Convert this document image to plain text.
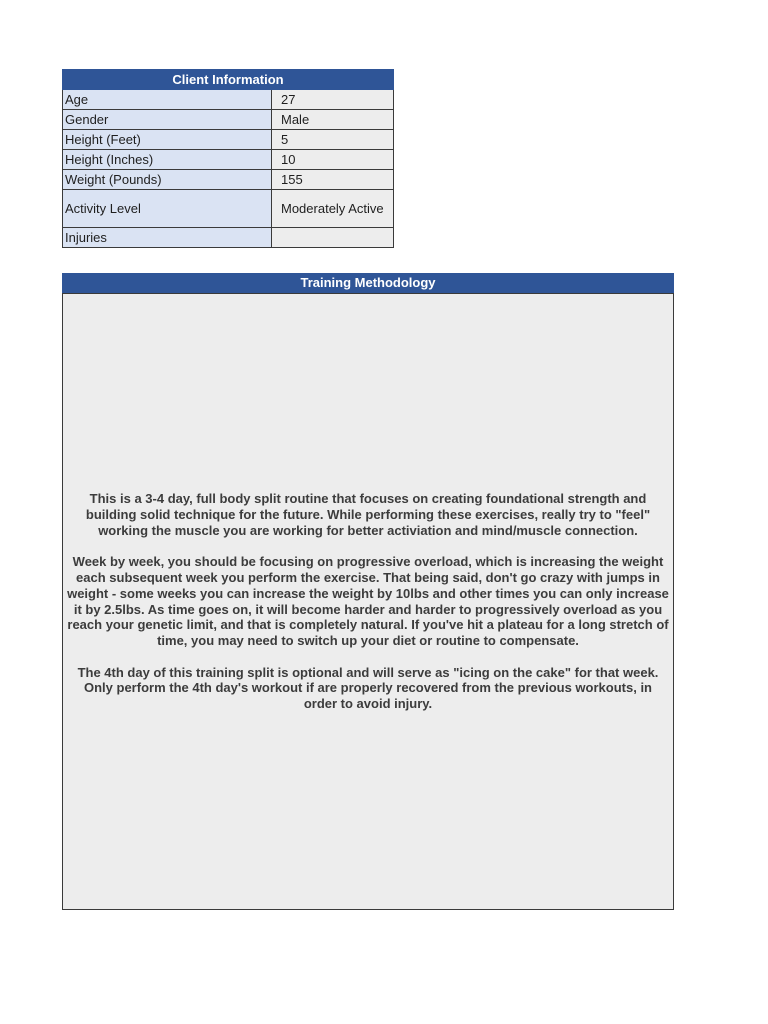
Client Information	
Age	27
Gender	Male
Height (Feet)	5
Height (Inches)	10
Weight (Pounds)	155
Activity Level	Moderately Active
Injuries	
Training Methodology

This is a 3-4 day, full body split routine that focuses on creating foundational strength and building solid technique for the future. While performing these exercises, really try to "feel" working the muscle you are working for better activiation and mind/muscle connection.

Week by week, you should be focusing on progressive overload, which is increasing the weight each subsequent week you perform the exercise. That being said, don't go crazy with jumps in weight - some weeks you can increase the weight by 10lbs and other times you can only increase it by 2.5lbs. As time goes on, it will become harder and harder to progressively overload as you reach your genetic limit, and that is completely natural. If you've hit a plateau for a long stretch of time, you may need to switch up your diet or routine to compensate.

The 4th day of this training split is optional and will serve as "icing on the cake" for that week. Only perform the 4th day's workout if are properly recovered from the previous workouts, in order to avoid injury.
